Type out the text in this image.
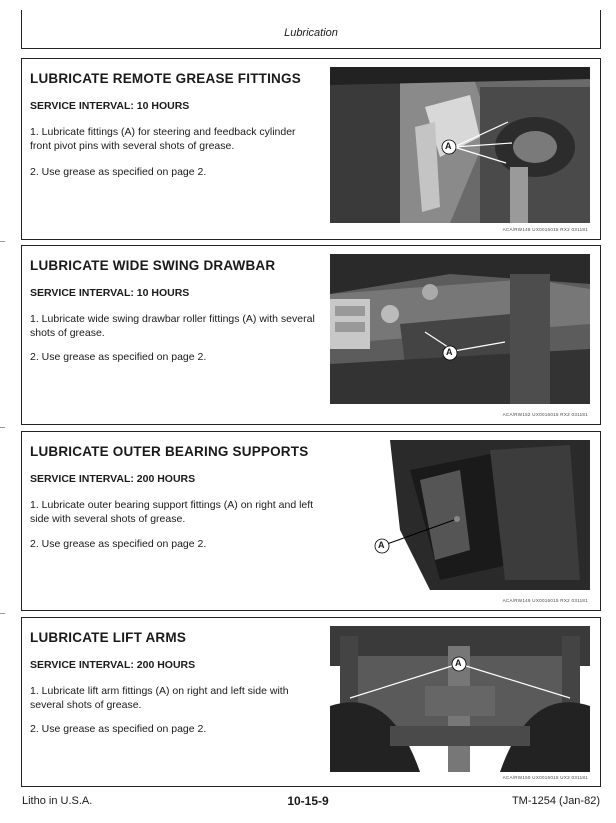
Lubrication
LUBRICATE REMOTE GREASE FITTINGS
SERVICE INTERVAL: 10 HOURS
1. Lubricate fittings (A) for steering and feedback cylinder front pivot pins with several shots of grease.
2. Use grease as specified on page 2.
A
ACA/RW148 UX0016015 RX2 031181
LUBRICATE WIDE SWING DRAWBAR
SERVICE INTERVAL: 10 HOURS
1. Lubricate wide swing drawbar roller fittings (A) with several shots of grease.
2. Use grease as specified on page 2.	A
ACA/RW152 UX0016015 RX2 031181
LUBRICATE OUTER BEARING SUPPORTS
SERVICE INTERVAL: 200 HOURS
1. Lubricate outer bearing support fittings (A) on right and left side with several shots of grease.
2. Use grease as specified on page 2.	A
ACA/RW149 UX0016015 RX2 031181
LUBRICATE LIFT ARMS
SERVICE INTERVAL: 200 HOURS
1. Lubricate lift arm fittings (A) on right and left side with several shots of grease.
2. Use grease as specified on page 2.
A
ACA/RW150 UX0016015 UX2 031181
Litho in U.S.A.	10-15-9	TM-1254 (Jan-82)
